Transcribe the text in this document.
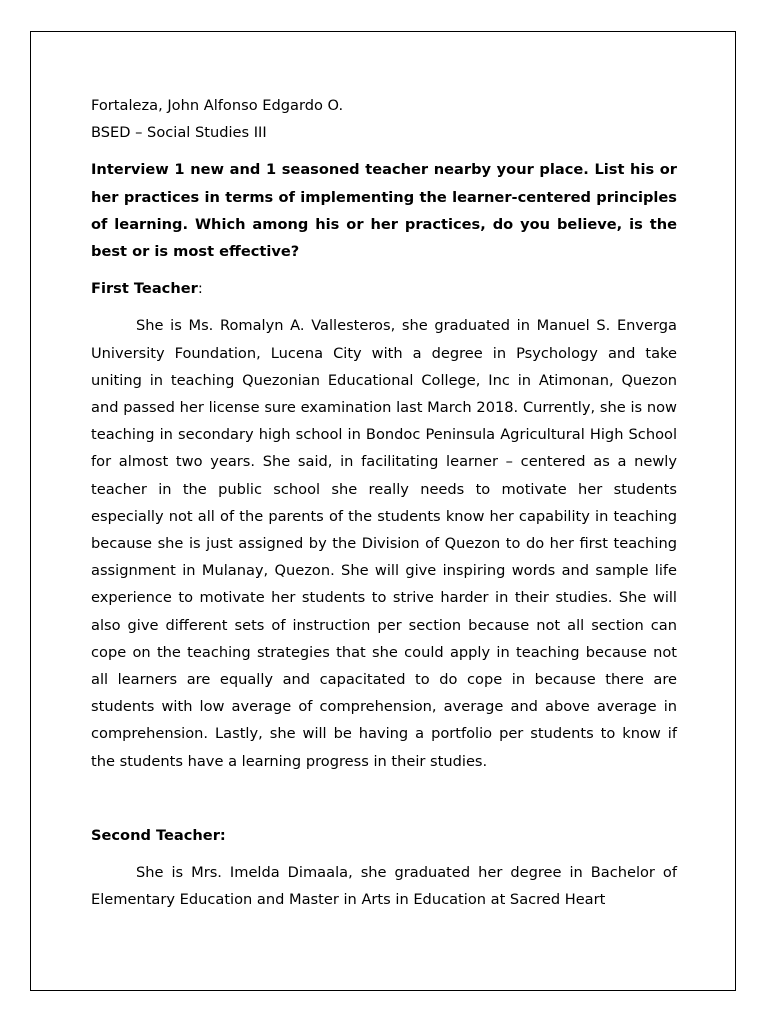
Fortaleza, John Alfonso Edgardo O.

BSED – Social Studies III

Interview 1 new and 1 seasoned teacher nearby your place. List his or her practices in terms of implementing the learner-centered principles of learning. Which among his or her practices, do you believe, is the best or is most effective?

First Teacher:

She is Ms. Romalyn A. Vallesteros, she graduated in Manuel S. Enverga University Foundation, Lucena City with a degree in Psychology and take uniting in teaching Quezonian Educational College, Inc in Atimonan, Quezon and passed her license sure examination last March 2018. Currently, she is now teaching in secondary high school in Bondoc Peninsula Agricultural High School for almost two years. She said, in facilitating learner – centered as a newly teacher in the public school she really needs to motivate her students especially not all of the parents of the students know her capability in teaching because she is just assigned by the Division of Quezon to do her first teaching assignment in Mulanay, Quezon. She will give inspiring words and sample life experience to motivate her students to strive harder in their studies. She will also give different sets of instruction per section because not all section can cope on the teaching strategies that she could apply in teaching because not all learners are equally and capacitated to do cope in because there are students with low average of comprehension, average and above average in comprehension. Lastly, she will be having a portfolio per students to know if the students have a learning progress in their studies.

Second Teacher:

She is Mrs. Imelda Dimaala, she graduated her degree in Bachelor of Elementary Education and Master in Arts in Education at Sacred Heart
